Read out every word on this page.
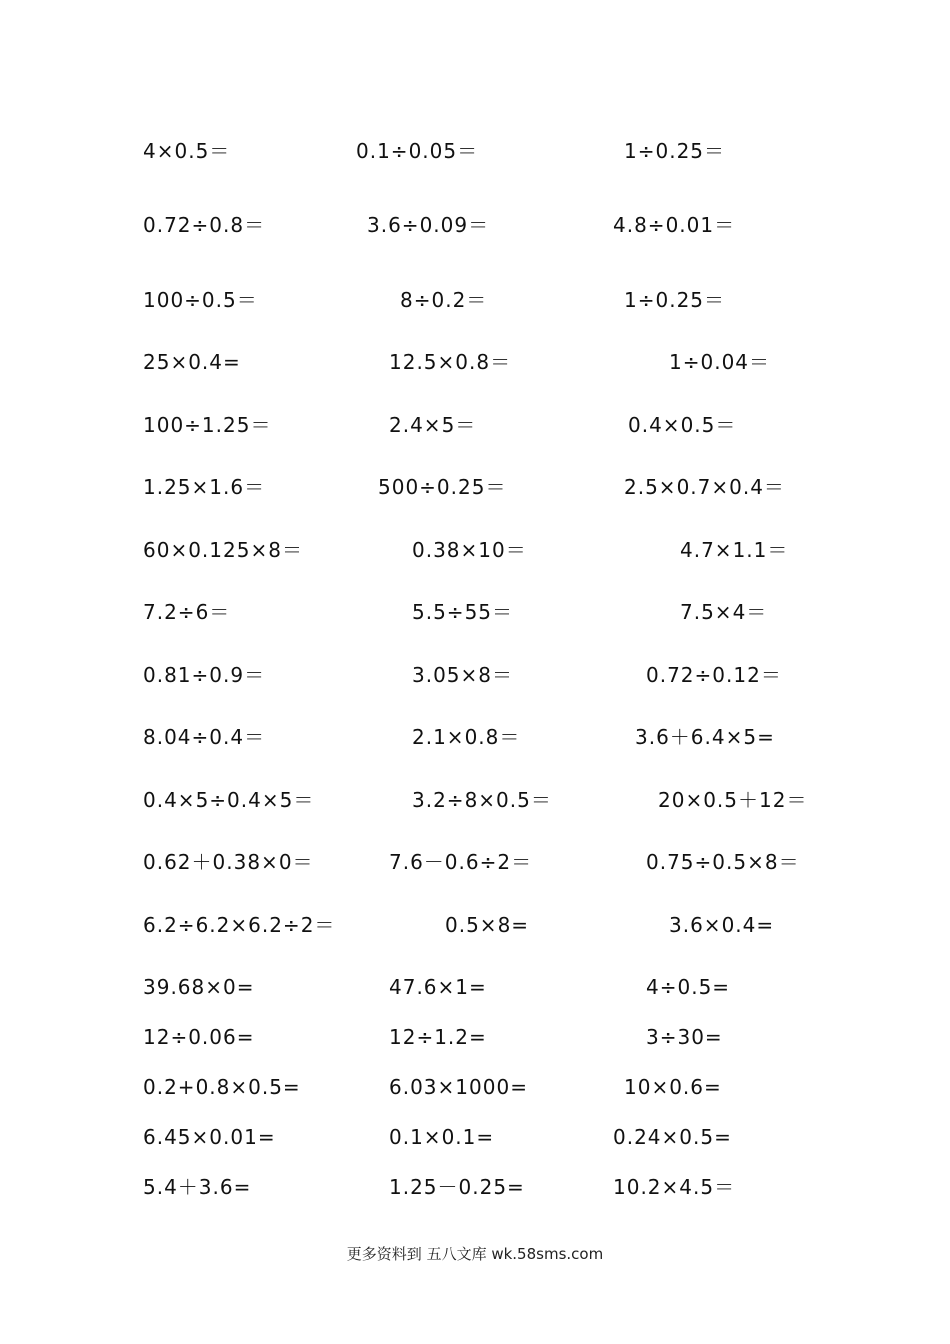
4×0.5＝	0.1÷0.05＝	1÷0.25＝
0.72÷0.8＝	3.6÷0.09＝	4.8÷0.01＝
100÷0.5＝	8÷0.2＝	1÷0.25＝
25×0.4=	12.5×0.8＝	1÷0.04＝
100÷1.25＝	2.4×5＝	0.4×0.5＝
1.25×1.6＝	500÷0.25＝	2.5×0.7×0.4＝
60×0.125×8＝	0.38×10＝	4.7×1.1＝
7.2÷6＝	5.5÷55＝	7.5×4＝
0.81÷0.9＝	3.05×8＝	0.72÷0.12＝
8.04÷0.4＝	2.1×0.8＝	3.6＋6.4×5=
0.4×5÷0.4×5＝	3.2÷8×0.5＝	20×0.5＋12＝
0.62＋0.38×0＝	7.6－0.6÷2＝	0.75÷0.5×8＝
6.2÷6.2×6.2÷2＝	0.5×8=	3.6×0.4=
39.68×0=	47.6×1=	4÷0.5=
12÷0.06=	12÷1.2=	3÷30=
0.2+0.8×0.5=	6.03×1000=	10×0.6=
6.45×0.01=	0.1×0.1=	0.24×0.5=
5.4＋3.6=	1.25－0.25=	10.2×4.5＝
更多资料到 五八文库 wk.58sms.com
